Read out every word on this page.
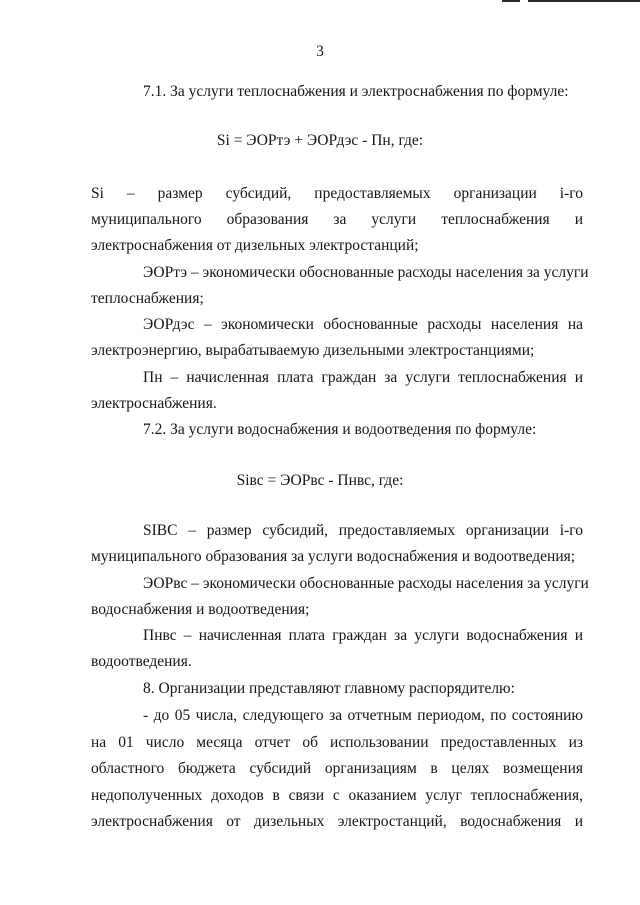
3
7.1. За услуги теплоснабжения и электроснабжения по формуле:
Si = ЭОРтэ + ЭОРдэс - Пн, где:
Si – размер субсидий, предоставляемых организации i-го
муниципального образования за услуги теплоснабжения и
электроснабжения от дизельных электростанций;
ЭОРтэ – экономически обоснованные расходы населения за услуги
теплоснабжения;
ЭОРдэс – экономически обоснованные расходы населения на
электроэнергию, вырабатываемую дизельными электростанциями;
Пн – начисленная плата граждан за услуги теплоснабжения и
электроснабжения.
7.2. За услуги водоснабжения и водоотведения по формуле:
Siвс = ЭОРвс - Пнвс, где:
SIВС – размер субсидий, предоставляемых организации i-го
муниципального образования за услуги водоснабжения и водоотведения;
ЭОРвс – экономически обоснованные расходы населения за услуги
водоснабжения и водоотведения;
Пнвс – начисленная плата граждан за услуги водоснабжения и
водоотведения.
8. Организации представляют главному распорядителю:
- до 05 числа, следующего за отчетным периодом, по состоянию
на 01 число месяца отчет об использовании предоставленных из
областного бюджета субсидий организациям в целях возмещения
недополученных доходов в связи с оказанием услуг теплоснабжения,
электроснабжения от дизельных электростанций, водоснабжения и
